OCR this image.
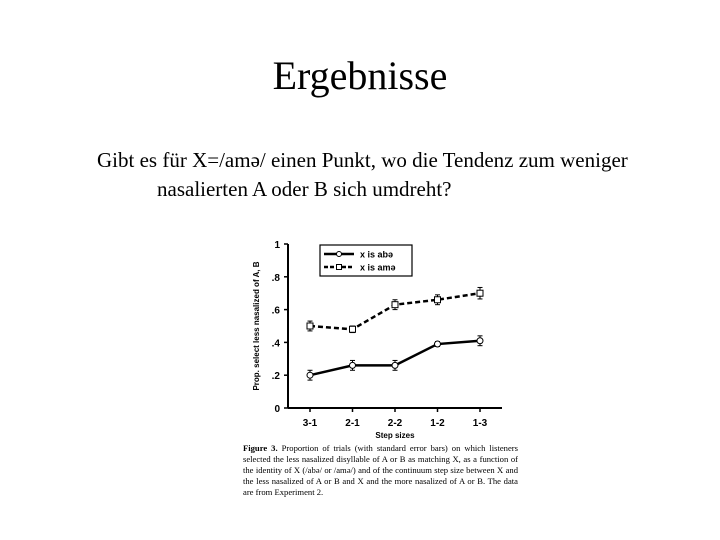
Ergebnisse
Gibt es für X=/amə/ einen Punkt, wo die Tendenz zum weniger nasalierten A oder B sich umdreht?
0
.2
.4
.6
.8
1
3-1	2-1	2-2	1-2	1-3
Step sizes
Prop. select less nasalized of A, B
x is abə
x is amə
Figure 3. Proportion of trials (with standard error bars) on which listeners selected the less nasalized disyllable of A or B as matching X, as a function of the identity of X (/abə/ or /amə/) and of the continuum step size between X and the less nasalized of A or B and X and the more nasalized of A or B. The data are from Experiment 2.
